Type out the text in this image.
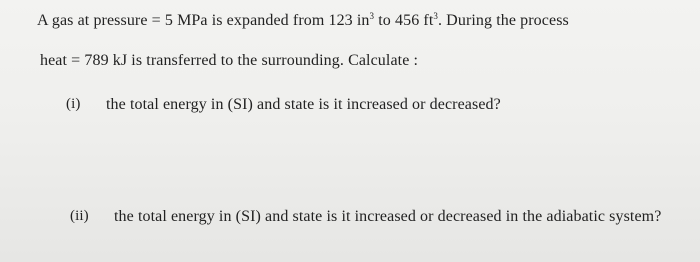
A gas at pressure = 5 MPa is expanded from 123 $in^3$ to 456 $ft^3$. During the process
heat = 789 kJ is transferred to the surrounding. Calculate :
(i) the total energy in (SI) and state is it increased or decreased?
(ii) the total energy in (SI) and state is it increased or decreased in the adiabatic system?
